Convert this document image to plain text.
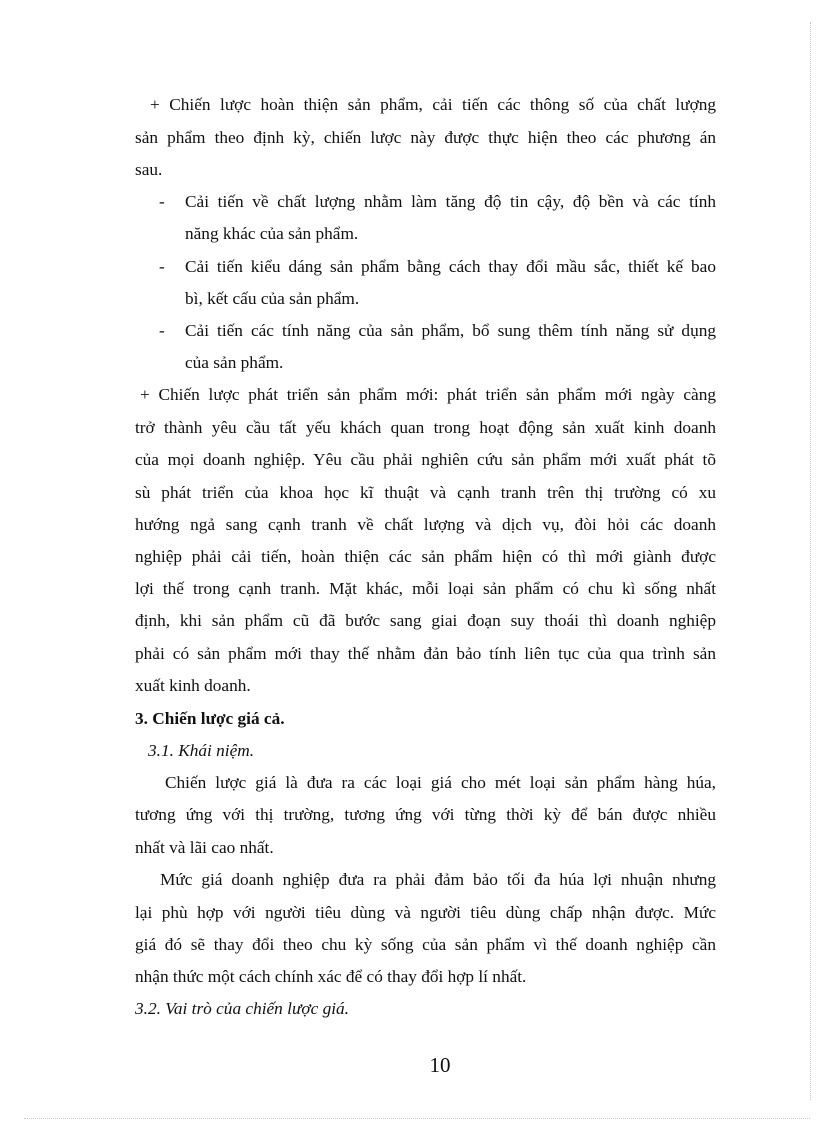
+ Chiến lược hoàn thiện sản phẩm, cải tiến các thông số của chất lượng
sản phẩm theo định kỳ, chiến lược này được thực hiện theo các phương án
sau.
- Cải tiến về chất lượng nhằm làm tăng độ tin cậy, độ bền và các tính
năng khác của sản phẩm.
- Cải tiến kiểu dáng sản phẩm bằng cách thay đổi mầu sắc, thiết kế bao
bì, kết cấu của sản phẩm.
- Cải tiến các tính năng của sản phẩm, bổ sung thêm tính năng sử dụng
của sản phẩm.
+ Chiến lược phát triển sản phẩm mới: phát triển sản phẩm mới ngày càng
trở thành yêu cầu tất yếu khách quan trong hoạt động sản xuất kinh doanh
của mọi doanh nghiệp. Yêu cầu phải nghiên cứu sản phẩm mới xuất phát tõ
sù phát triển của khoa học kĩ thuật và cạnh tranh trên thị trường có xu
hướng ngả sang cạnh tranh về chất lượng và dịch vụ, đòi hỏi các doanh
nghiệp phải cải tiến, hoàn thiện các sản phẩm hiện có thì mới giành được
lợi thế trong cạnh tranh. Mặt khác, mỗi loại sản phẩm có chu kì sống nhất
định, khi sản phẩm cũ đã bước sang giai đoạn suy thoái thì doanh nghiệp
phải có sản phẩm mới thay thế nhằm đản bảo tính liên tục của qua trình sản
xuất kinh doanh.
3. Chiến lược giá cả.
3.1. Khái niệm.
Chiến lược giá là đưa ra các loại giá cho mét loại sản phẩm hàng húa,
tương ứng với thị trường, tương ứng với từng thời kỳ để bán được nhiều
nhất và lãi cao nhất.
Mức giá doanh nghiệp đưa ra phải đảm bảo tối đa húa lợi nhuận nhưng
lại phù hợp với người tiêu dùng và người tiêu dùng chấp nhận được. Mức
giá đó sẽ thay đổi theo chu kỳ sống của sản phẩm vì thế doanh nghiệp cần
nhận thức một cách chính xác để có thay đổi hợp lí nhất.
3.2. Vai trò của chiến lược giá.
10
